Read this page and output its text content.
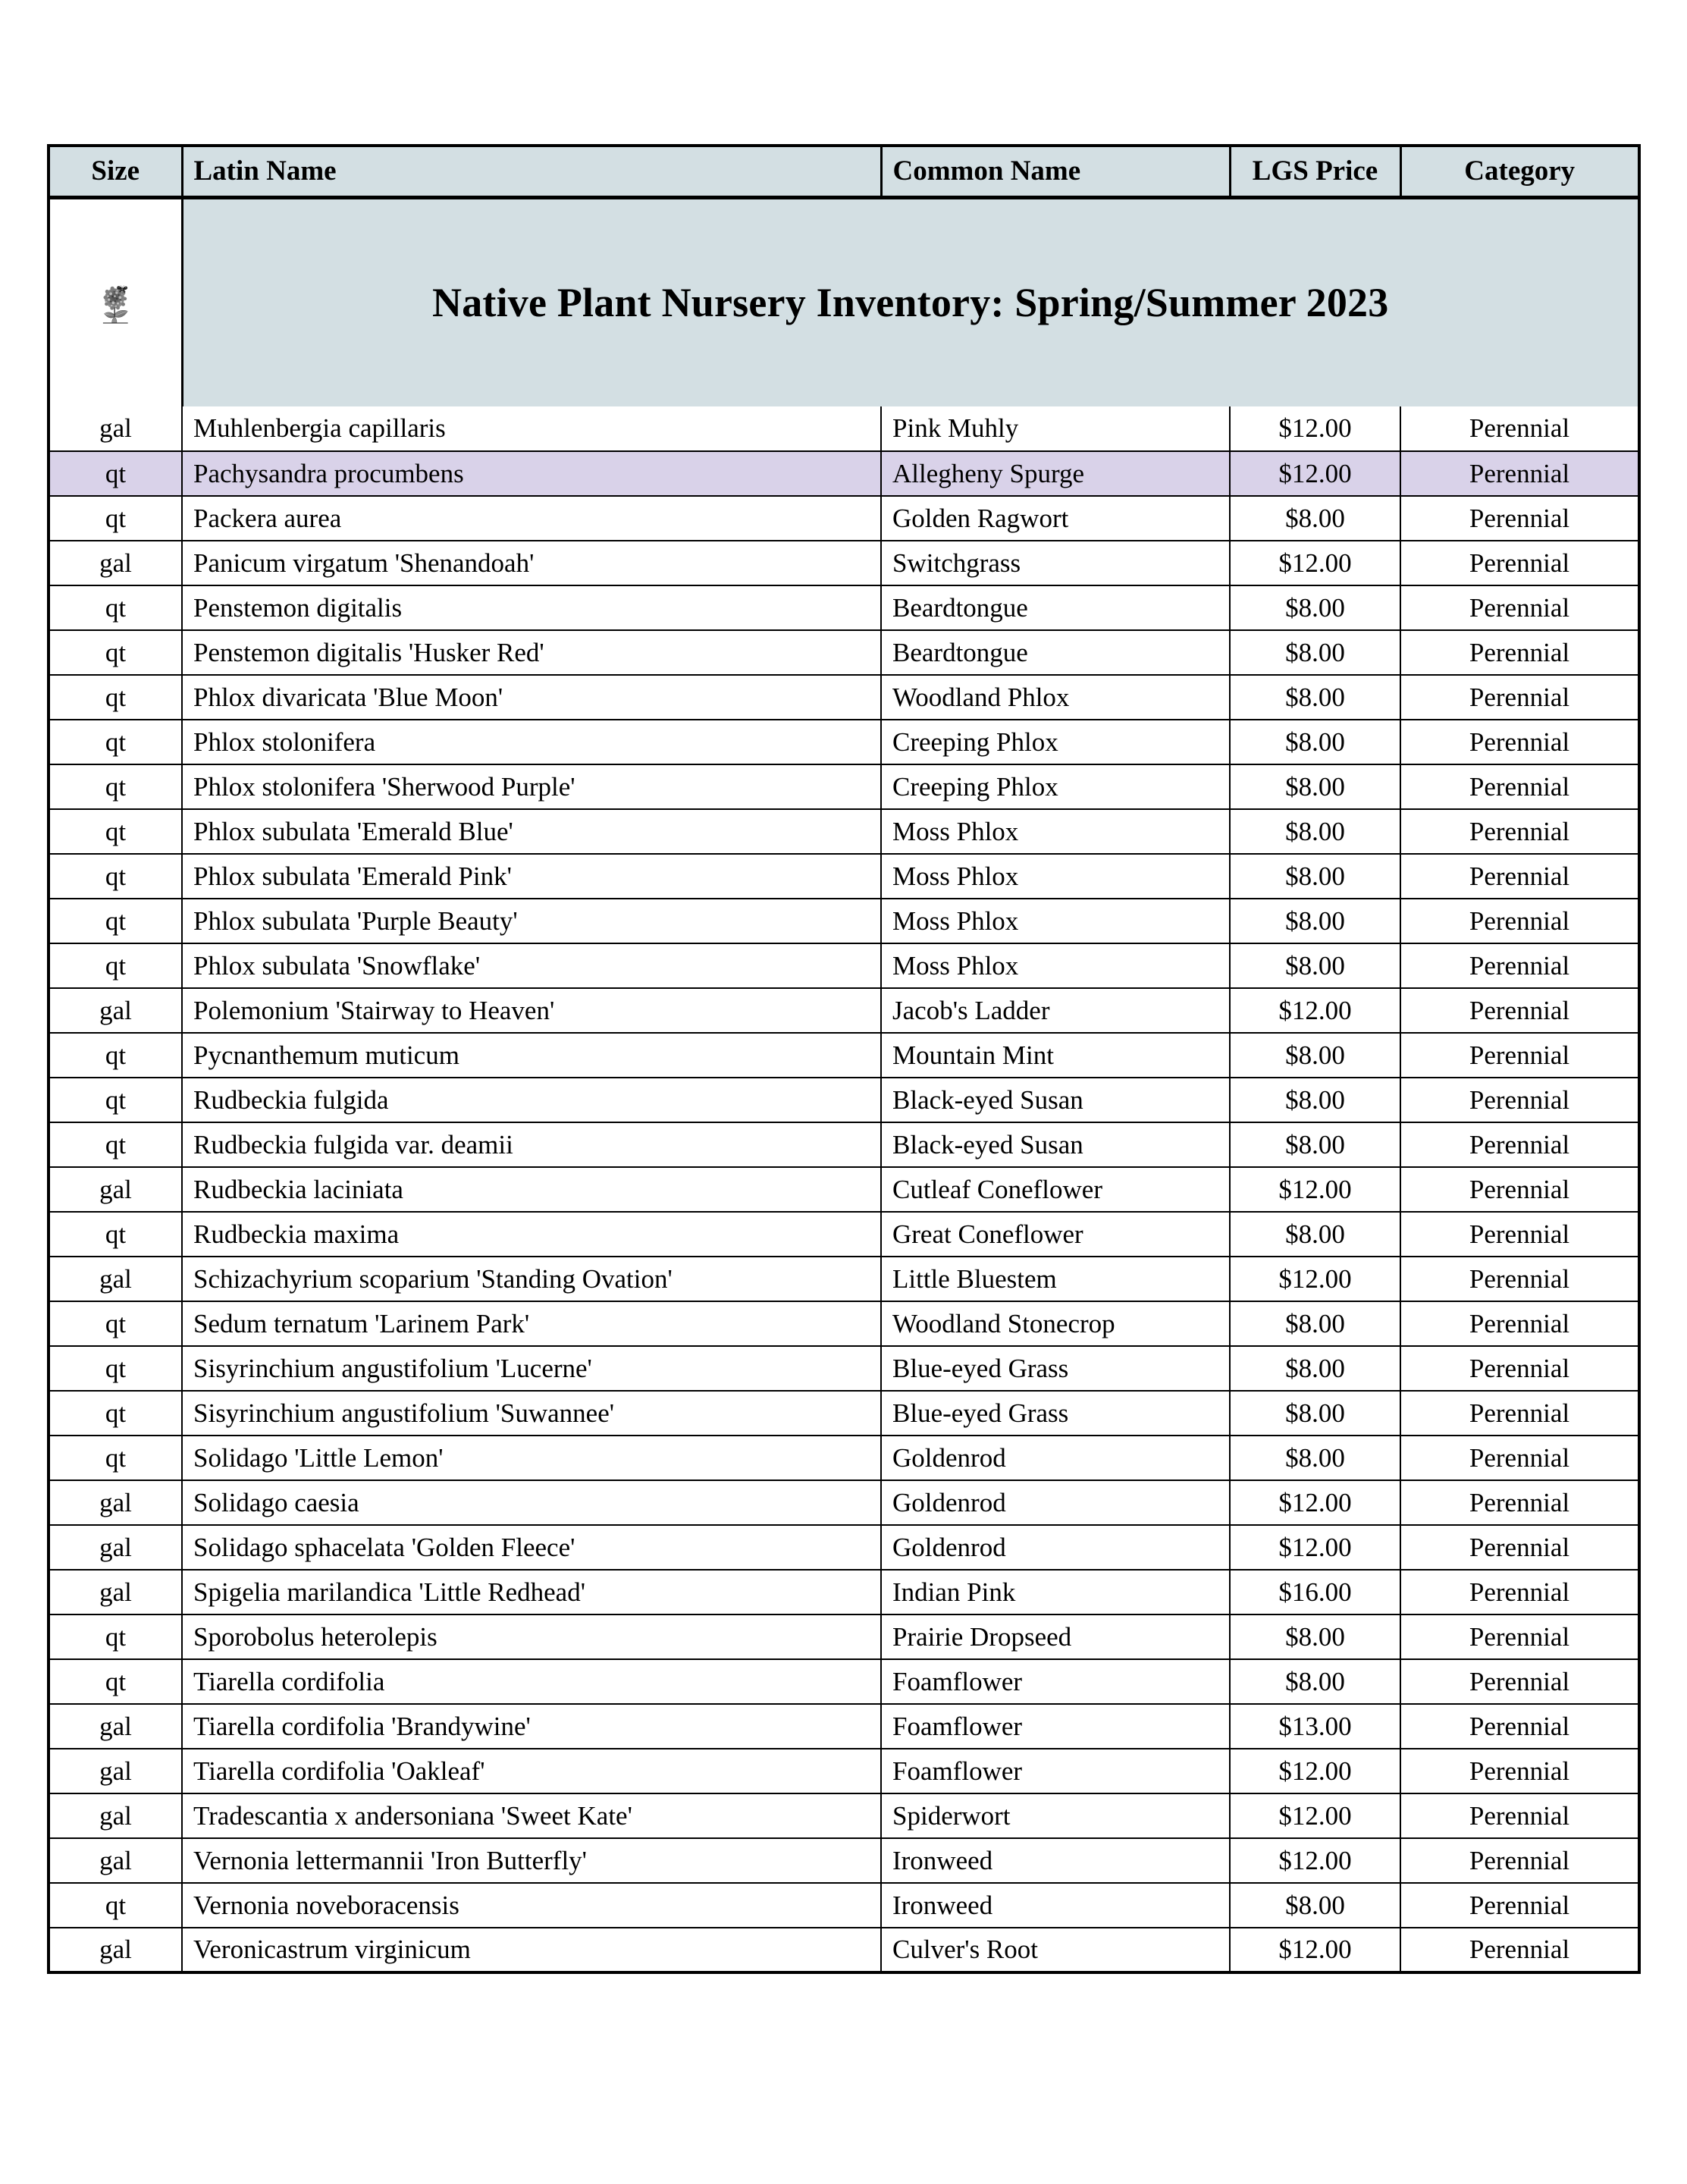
Native Plant Nursery Inventory: Spring/Summer 2023			

Size	Latin Name	Common Name	LGS Price	Category
gal	Muhlenbergia capillaris	Pink Muhly	$12.00	Perennial
qt	Pachysandra procumbens	Allegheny Spurge	$12.00	Perennial
qt	Packera aurea	Golden Ragwort	$8.00	Perennial
gal	Panicum virgatum 'Shenandoah'	Switchgrass	$12.00	Perennial
qt	Penstemon digitalis	Beardtongue	$8.00	Perennial
qt	Penstemon digitalis 'Husker Red'	Beardtongue	$8.00	Perennial
qt	Phlox divaricata 'Blue Moon'	Woodland Phlox	$8.00	Perennial
qt	Phlox stolonifera	Creeping Phlox	$8.00	Perennial
qt	Phlox stolonifera 'Sherwood Purple'	Creeping Phlox	$8.00	Perennial
qt	Phlox subulata 'Emerald Blue'	Moss Phlox	$8.00	Perennial
qt	Phlox subulata 'Emerald Pink'	Moss Phlox	$8.00	Perennial
qt	Phlox subulata 'Purple Beauty'	Moss Phlox	$8.00	Perennial
qt	Phlox subulata 'Snowflake'	Moss Phlox	$8.00	Perennial
gal	Polemonium 'Stairway to Heaven'	Jacob's Ladder	$12.00	Perennial
qt	Pycnanthemum muticum	Mountain Mint	$8.00	Perennial
qt	Rudbeckia fulgida	Black-eyed Susan	$8.00	Perennial
qt	Rudbeckia fulgida var. deamii	Black-eyed Susan	$8.00	Perennial
gal	Rudbeckia laciniata	Cutleaf Coneflower	$12.00	Perennial
qt	Rudbeckia maxima	Great Coneflower	$8.00	Perennial
gal	Schizachyrium scoparium 'Standing Ovation'	Little Bluestem	$12.00	Perennial
qt	Sedum ternatum 'Larinem Park'	Woodland Stonecrop	$8.00	Perennial
qt	Sisyrinchium angustifolium 'Lucerne'	Blue-eyed Grass	$8.00	Perennial
qt	Sisyrinchium angustifolium 'Suwannee'	Blue-eyed Grass	$8.00	Perennial
qt	Solidago 'Little Lemon'	Goldenrod	$8.00	Perennial
gal	Solidago caesia	Goldenrod	$12.00	Perennial
gal	Solidago sphacelata 'Golden Fleece'	Goldenrod	$12.00	Perennial
gal	Spigelia marilandica 'Little Redhead'	Indian Pink	$16.00	Perennial
qt	Sporobolus heterolepis	Prairie Dropseed	$8.00	Perennial
qt	Tiarella cordifolia	Foamflower	$8.00	Perennial
gal	Tiarella cordifolia 'Brandywine'	Foamflower	$13.00	Perennial
gal	Tiarella cordifolia 'Oakleaf'	Foamflower	$12.00	Perennial
gal	Tradescantia x andersoniana 'Sweet Kate'	Spiderwort	$12.00	Perennial
gal	Vernonia lettermannii 'Iron Butterfly'	Ironweed	$12.00	Perennial
qt	Vernonia noveboracensis	Ironweed	$8.00	Perennial
gal	Veronicastrum virginicum	Culver's Root	$12.00	Perennial
